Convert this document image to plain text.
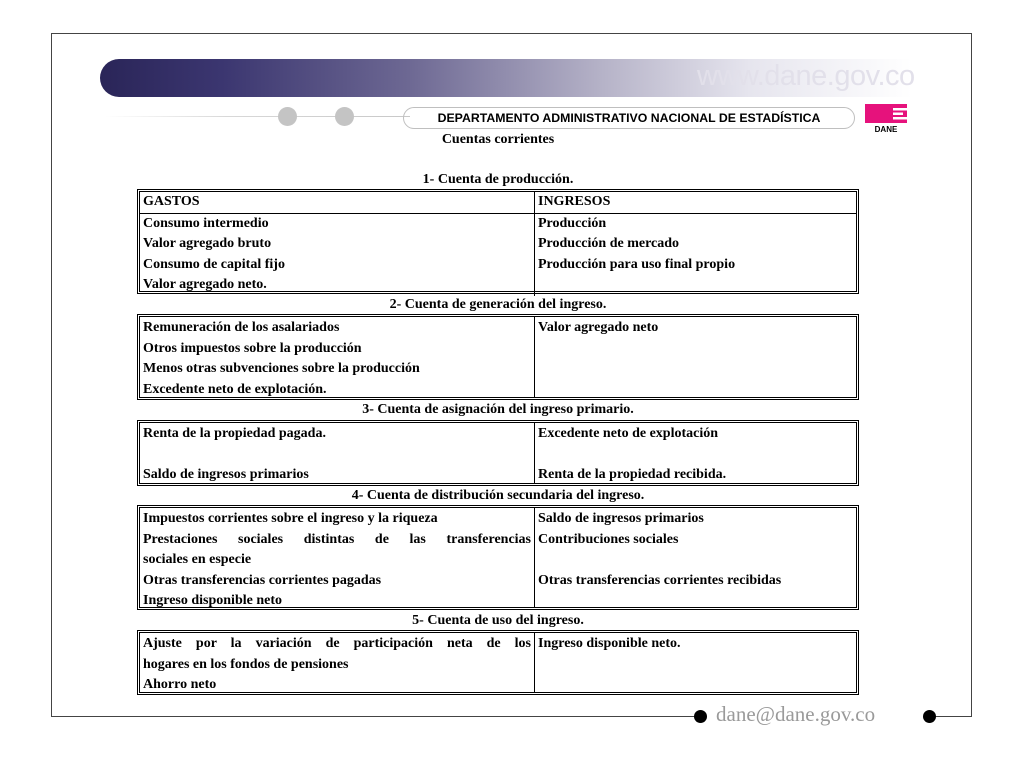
www.dane.gov.co
DEPARTAMENTO ADMINISTRATIVO NACIONAL DE ESTADÍSTICA
DANE
Cuentas corrientes
1- Cuenta de producción.
GASTOS	INGRESOS
Consumo intermedio
Valor agregado bruto
Consumo de capital fijo
Valor agregado neto.
Producción
Producción de mercado
Producción para uso final propio
2- Cuenta de generación del ingreso.
Remuneración de los asalariados
Otros impuestos sobre la producción
Menos otras subvenciones sobre la producción
Excedente neto de explotación.
Valor agregado neto
3- Cuenta de asignación del ingreso primario.
Renta de la propiedad pagada.
Saldo de ingresos primarios
Excedente neto de explotación
Renta de la propiedad recibida.
4- Cuenta de distribución secundaria del ingreso.
Impuestos corrientes sobre el ingreso y la riqueza
Prestaciones sociales distintas de las transferencias
sociales en especie
Otras transferencias corrientes pagadas
Ingreso disponible neto
Saldo de ingresos primarios
Contribuciones sociales
Otras transferencias corrientes recibidas
5- Cuenta de uso del ingreso.
Ajuste por la variación de participación neta de los
hogares en los fondos de pensiones
Ahorro neto
Ingreso disponible neto.
dane@dane.gov.co
